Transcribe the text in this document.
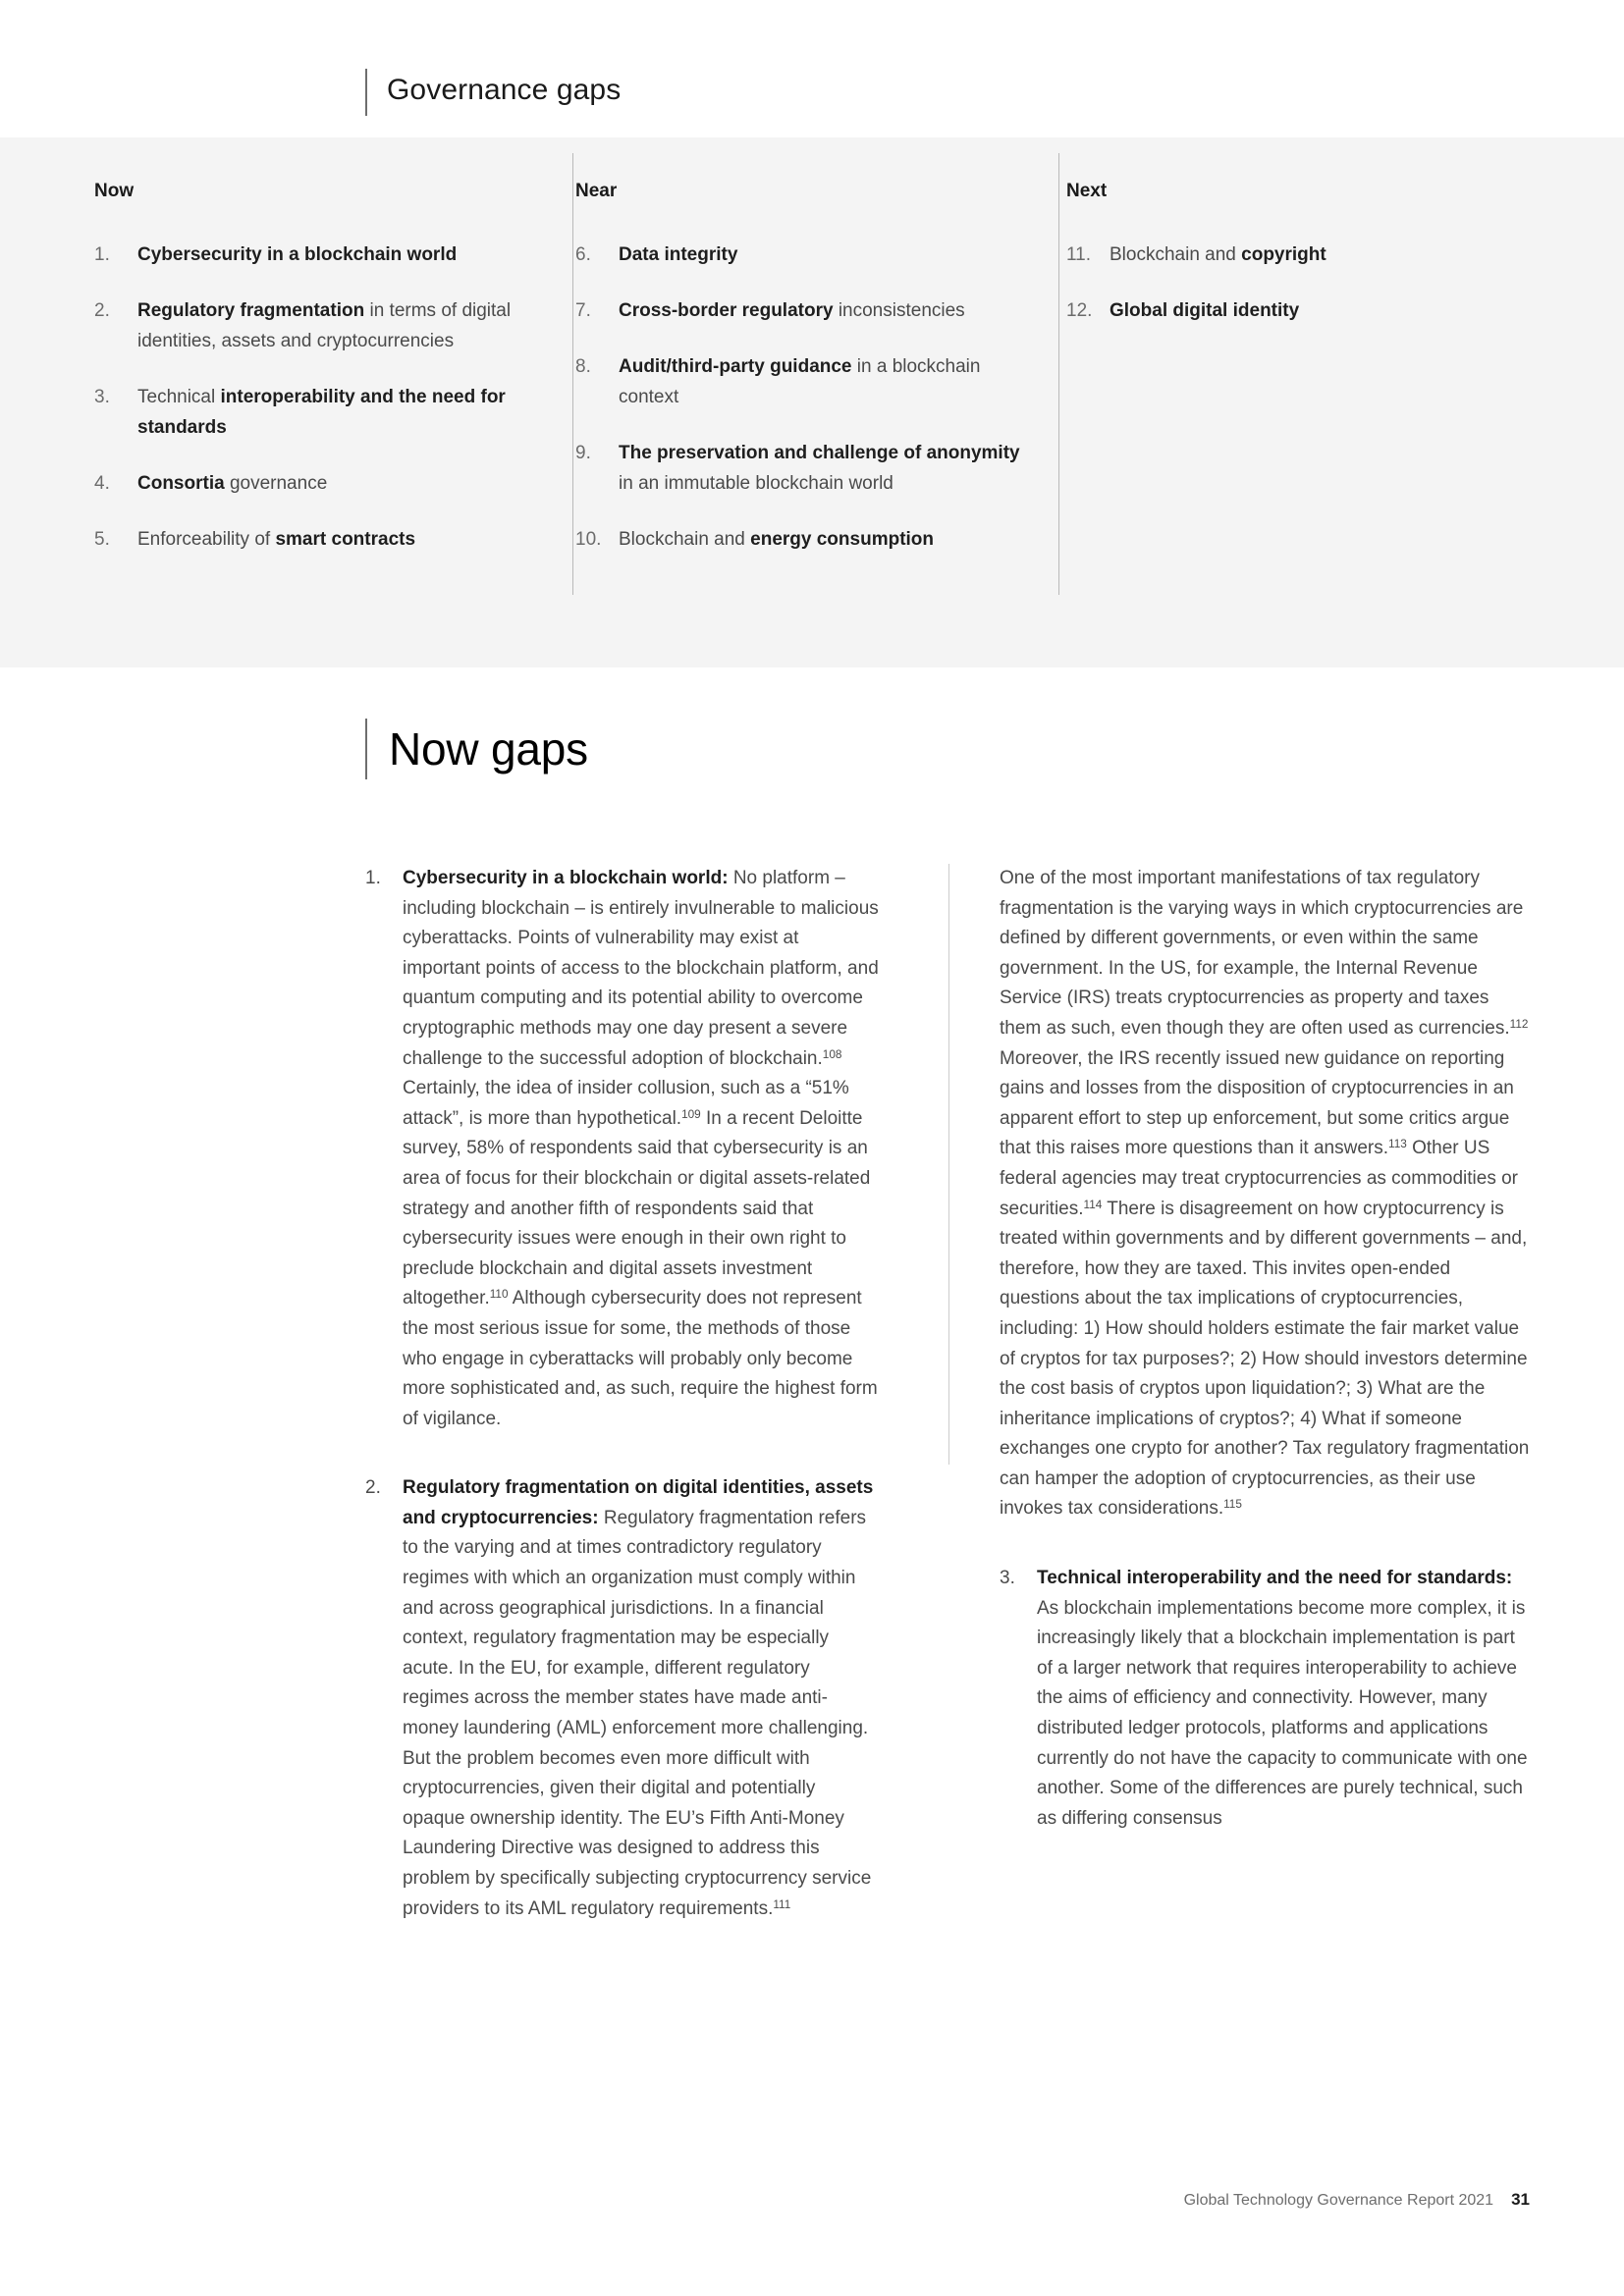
Governance gaps
Now
1.	Cybersecurity in a blockchain world
2.	Regulatory fragmentation in terms of digital identities, assets and cryptocurrencies
3.	Technical interoperability and the need for standards
4.	Consortia governance
5.	Enforceability of smart contracts
Near
6.	Data integrity
7.	Cross-border regulatory inconsistencies
8.	Audit/third-party guidance in a blockchain context
9.	The preservation and challenge of anonymity in an immutable blockchain world
10. Blockchain and energy consumption
Next
11. Blockchain and copyright
12. Global digital identity
Now gaps
1.	Cybersecurity in a blockchain world: No platform – including blockchain – is entirely invulnerable to malicious cyberattacks. Points of vulnerability may exist at important points of access to the blockchain platform, and quantum computing and its potential ability to overcome cryptographic methods may one day present a severe challenge to the successful adoption of blockchain.$^{108}$ Certainly, the idea of insider collusion, such as a “51% attack”, is more than hypothetical.$^{109}$ In a recent Deloitte survey, 58% of respondents said that cybersecurity is an area of focus for their blockchain or digital assets-related strategy and another fifth of respondents said that cybersecurity issues were enough in their own right to preclude blockchain and digital assets investment altogether.$^{110}$ Although cybersecurity does not represent the most serious issue for some, the methods of those who engage in cyberattacks will probably only become more sophisticated and, as such, require the highest form of vigilance.
2.	Regulatory fragmentation on digital identities, assets and cryptocurrencies: Regulatory fragmentation refers to the varying and at times contradictory regulatory regimes with which an organization must comply within and across geographical jurisdictions. In a financial context, regulatory fragmentation may be especially acute. In the EU, for example, different regulatory regimes across the member states have made anti-money laundering (AML) enforcement more challenging. But the problem becomes even more difficult with cryptocurrencies, given their digital and potentially opaque ownership identity. The EU’s Fifth Anti-Money Laundering Directive was designed to address this problem by specifically subjecting cryptocurrency service providers to its AML regulatory requirements.$^{111}$
One of the most important manifestations of tax regulatory fragmentation is the varying ways in which cryptocurrencies are defined by different governments, or even within the same government. In the US, for example, the Internal Revenue Service (IRS) treats cryptocurrencies as property and taxes them as such, even though they are often used as currencies.$^{112}$ Moreover, the IRS recently issued new guidance on reporting gains and losses from the disposition of cryptocurrencies in an apparent effort to step up enforcement, but some critics argue that this raises more questions than it answers.$^{113}$ Other US federal agencies may treat cryptocurrencies as commodities or securities.$^{114}$ There is disagreement on how cryptocurrency is treated within governments and by different governments – and, therefore, how they are taxed. This invites open-ended questions about the tax implications of cryptocurrencies, including: 1) How should holders estimate the fair market value of cryptos for tax purposes?; 2) How should investors determine the cost basis of cryptos upon liquidation?; 3) What are the inheritance implications of cryptos?; 4) What if someone exchanges one crypto for another? Tax regulatory fragmentation can hamper the adoption of cryptocurrencies, as their use invokes tax considerations.$^{115}$
3.	Technical interoperability and the need for standards: As blockchain implementations become more complex, it is increasingly likely that a blockchain implementation is part of a larger network that requires interoperability to achieve the aims of efficiency and connectivity. However, many distributed ledger protocols, platforms and applications currently do not have the capacity to communicate with one another. Some of the differences are purely technical, such as differing consensus
Global Technology Governance Report 2021 31
